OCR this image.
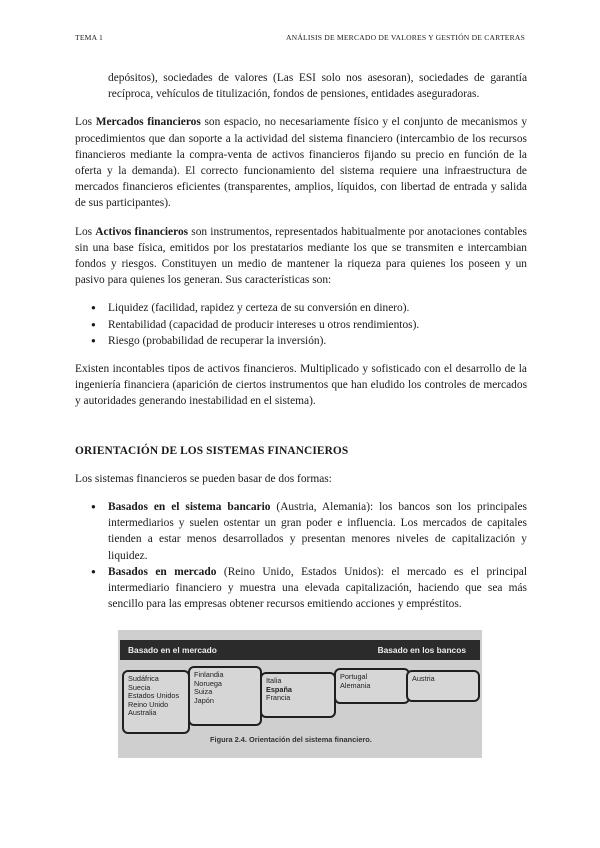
TEMA 1	ANÁLISIS DE MERCADO DE VALORES Y GESTIÓN DE CARTERAS

depósitos), sociedades de valores (Las ESI solo nos asesoran), sociedades de garantía recíproca, vehículos de titulización, fondos de pensiones, entidades aseguradoras.

Los Mercados financieros son espacio, no necesariamente físico y el conjunto de mecanismos y procedimientos que dan soporte a la actividad del sistema financiero (intercambio de los recursos financieros mediante la compra-venta de activos financieros fijando su precio en función de la oferta y la demanda). El correcto funcionamiento del sistema requiere una infraestructura de mercados financieros eficientes (transparentes, amplios, líquidos, con libertad de entrada y salida de sus participantes).

Los Activos financieros son instrumentos, representados habitualmente por anotaciones contables sin una base física, emitidos por los prestatarios mediante los que se transmiten e intercambian fondos y riesgos. Constituyen un medio de mantener la riqueza para quienes los poseen y un pasivo para quienes los generan. Sus características son:

● Liquidez (facilidad, rapidez y certeza de su conversión en dinero).
● Rentabilidad (capacidad de producir intereses u otros rendimientos).
● Riesgo (probabilidad de recuperar la inversión).

Existen incontables tipos de activos financieros. Multiplicado y sofisticado con el desarrollo de la ingeniería financiera (aparición de ciertos instrumentos que han eludido los controles de mercados y autoridades generando inestabilidad en el sistema).

ORIENTACIÓN DE LOS SISTEMAS FINANCIEROS

Los sistemas financieros se pueden basar de dos formas:

● Basados en el sistema bancario (Austria, Alemania): los bancos son los principales intermediarios y suelen ostentar un gran poder e influencia. Los mercados de capitales tienden a estar menos desarrollados y presentan menores niveles de capitalización y liquidez.
● Basados en mercado (Reino Unido, Estados Unidos): el mercado es el principal intermediario financiero y muestra una elevada capitalización, haciendo que sea más sencillo para las empresas obtener recursos emitiendo acciones y empréstitos.
Basado en el mercado	Basado en los bancos
Sudáfrica
Suecia
Estados Unidos
Reino Unido
Australia
Finlandia
Noruega
Suiza
Japón
Italia
España
Francia
Portugal
Alemania
Austria
Figura 2.4. Orientación del sistema financiero.
